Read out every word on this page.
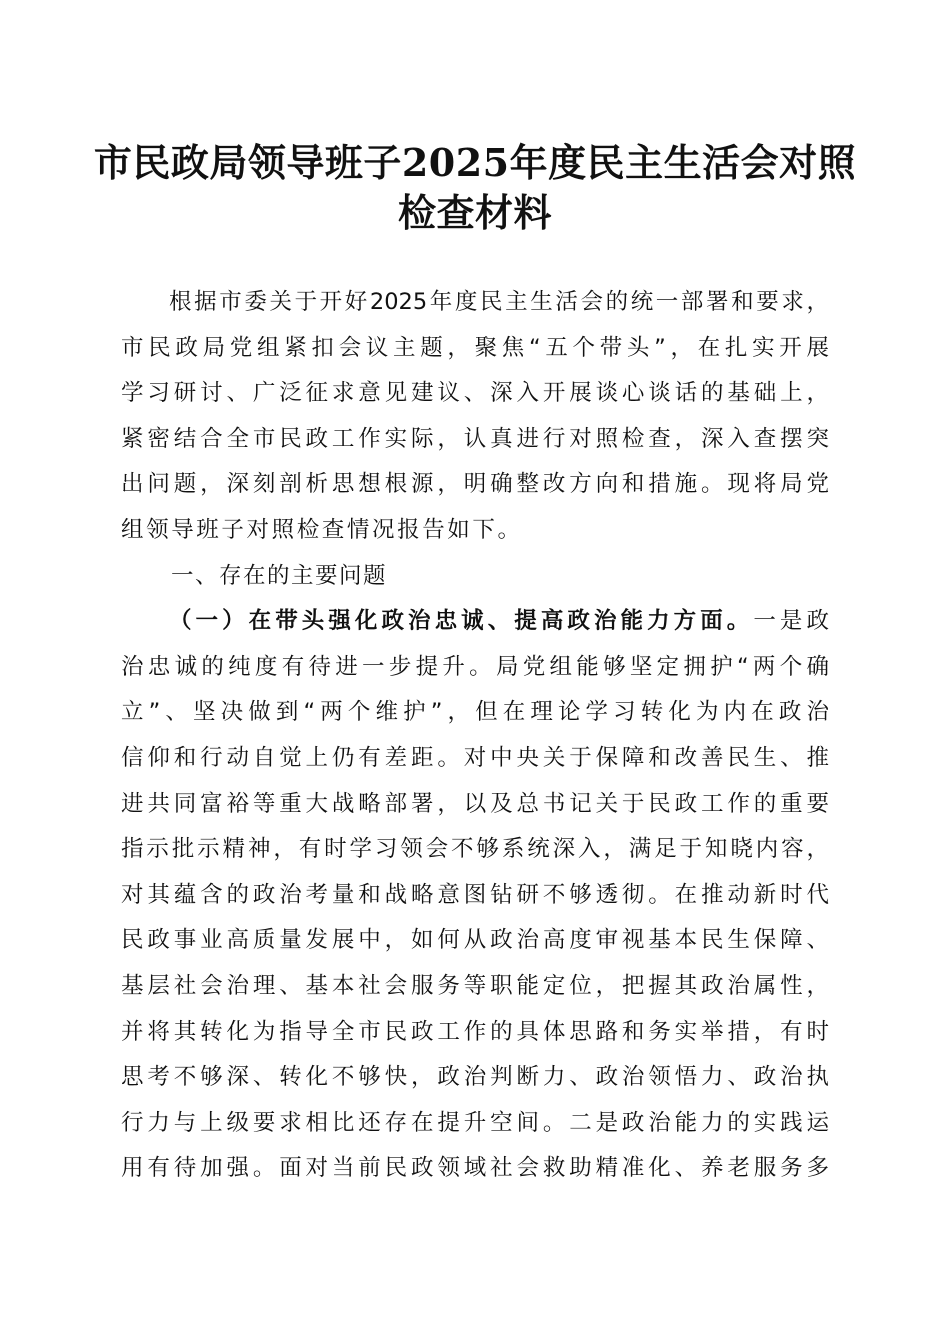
市民政局领导班子2025年度民主生活会对照
检查材料
根据市委关于开好2025年度民主生活会的统一部署和要求，
市民政局党组紧扣会议主题，聚焦“五个带头”，在扎实开展
学习研讨、广泛征求意见建议、深入开展谈心谈话的基础上，
紧密结合全市民政工作实际，认真进行对照检查，深入查摆突
出问题，深刻剖析思想根源，明确整改方向和措施。现将局党
组领导班子对照检查情况报告如下。
一、存在的主要问题
（一）在带头强化政治忠诚、提高政治能力方面。一是政
治忠诚的纯度有待进一步提升。局党组能够坚定拥护“两个确
立”、坚决做到“两个维护”，但在理论学习转化为内在政治
信仰和行动自觉上仍有差距。对中央关于保障和改善民生、推
进共同富裕等重大战略部署，以及总书记关于民政工作的重要
指示批示精神，有时学习领会不够系统深入，满足于知晓内容，
对其蕴含的政治考量和战略意图钻研不够透彻。在推动新时代
民政事业高质量发展中，如何从政治高度审视基本民生保障、
基层社会治理、基本社会服务等职能定位，把握其政治属性，
并将其转化为指导全市民政工作的具体思路和务实举措，有时
思考不够深、转化不够快，政治判断力、政治领悟力、政治执
行力与上级要求相比还存在提升空间。二是政治能力的实践运
用有待加强。面对当前民政领域社会救助精准化、养老服务多
